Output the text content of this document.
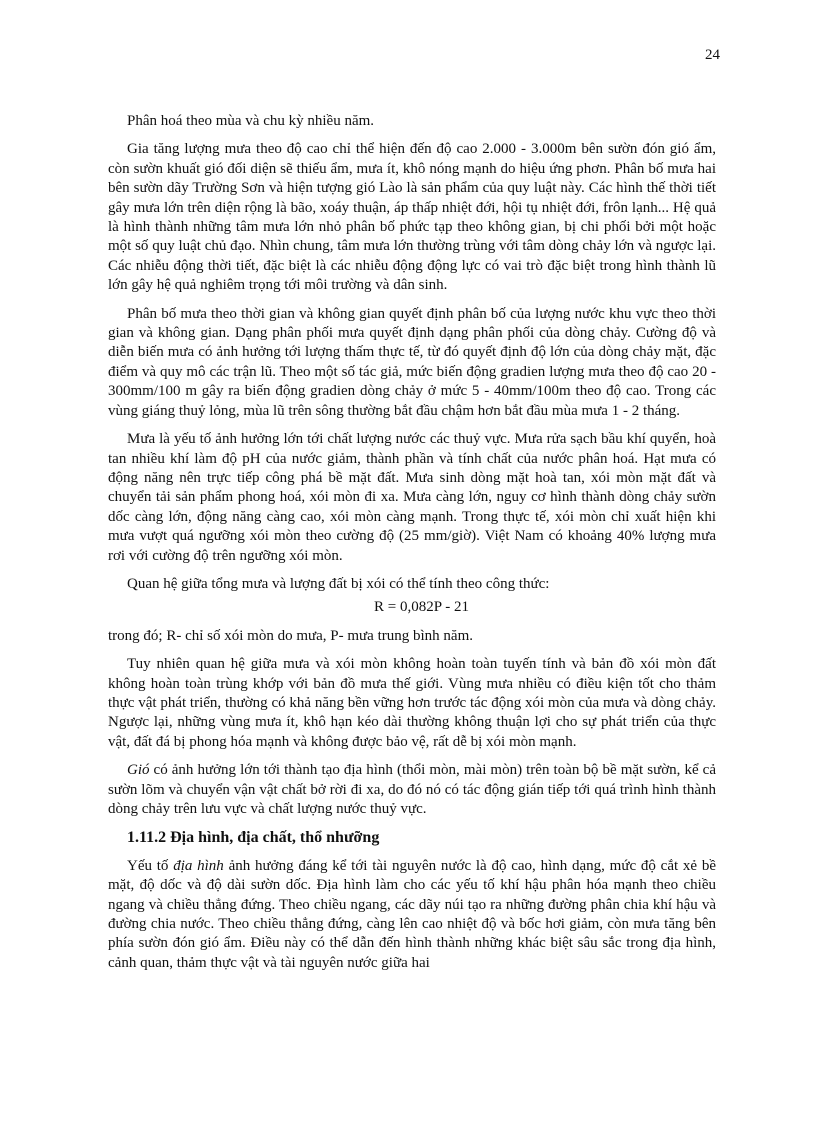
24

Phân hoá theo mùa và chu kỳ nhiều năm.

Gia tăng lượng mưa theo độ cao chỉ thể hiện đến độ cao 2.000 - 3.000m bên sườn đón gió ẩm, còn sườn khuất gió đối diện sẽ thiếu ẩm, mưa ít, khô nóng mạnh do hiệu ứng phơn. Phân bố mưa hai bên sườn dãy Trường Sơn và hiện tượng gió Lào là sản phẩm của quy luật này. Các hình thế thời tiết gây mưa lớn trên diện rộng là bão, xoáy thuận, áp thấp nhiệt đới, hội tụ nhiệt đới, frôn lạnh... Hệ quả là hình thành những tâm mưa lớn nhỏ phân bố phức tạp theo không gian, bị chi phối bởi một hoặc một số quy luật chủ đạo. Nhìn chung, tâm mưa lớn thường trùng với tâm dòng chảy lớn và ngược lại. Các nhiễu động thời tiết, đặc biệt là các nhiễu động động lực có vai trò đặc biệt trong hình thành lũ lớn gây hệ quả nghiêm trọng tới môi trường và dân sinh.

Phân bố mưa theo thời gian và không gian quyết định phân bố của lượng nước khu vực theo thời gian và không gian. Dạng phân phối mưa quyết định dạng phân phối của dòng chảy. Cường độ và diễn biến mưa có ảnh hưởng tới lượng thấm thực tế, từ đó quyết định độ lớn của dòng chảy mặt, đặc điểm và quy mô các trận lũ. Theo một số tác giả, mức biến động gradien lượng mưa theo độ cao 20 - 300mm/100 m gây ra biến động gradien dòng chảy ở mức 5 - 40mm/100m theo độ cao. Trong các vùng giáng thuỷ lỏng, mùa lũ trên sông thường bắt đầu chậm hơn bắt đầu mùa mưa 1 - 2 tháng.

Mưa là yếu tố ảnh hưởng lớn tới chất lượng nước các thuỷ vực. Mưa rửa sạch bầu khí quyển, hoà tan nhiều khí làm độ pH của nước giảm, thành phần và tính chất của nước phân hoá. Hạt mưa có động năng nên trực tiếp công phá bề mặt đất. Mưa sinh dòng mặt hoà tan, xói mòn mặt đất và chuyển tải sản phẩm phong hoá, xói mòn đi xa. Mưa càng lớn, nguy cơ hình thành dòng chảy sườn dốc càng lớn, động năng càng cao, xói mòn càng mạnh. Trong thực tế, xói mòn chỉ xuất hiện khi mưa vượt quá ngưỡng xói mòn theo cường độ (25 mm/giờ). Việt Nam có khoảng 40% lượng mưa rơi với cường độ trên ngưỡng xói mòn.

Quan hệ giữa tổng mưa và lượng đất bị xói có thể tính theo công thức:

R = 0,082P - 21

trong đó; R- chỉ số xói mòn do mưa, P- mưa trung bình năm.

Tuy nhiên quan hệ giữa mưa và xói mòn không hoàn toàn tuyến tính và bản đồ xói mòn đất không hoàn toàn trùng khớp với bản đồ mưa thế giới. Vùng mưa nhiều có điều kiện tốt cho thảm thực vật phát triển, thường có khả năng bền vững hơn trước tác động xói mòn của mưa và dòng chảy. Ngược lại, những vùng mưa ít, khô hạn kéo dài thường không thuận lợi cho sự phát triển của thực vật, đất đá bị phong hóa mạnh và không được bảo vệ, rất dễ bị xói mòn mạnh.

Gió có ảnh hưởng lớn tới thành tạo địa hình (thổi mòn, mài mòn) trên toàn bộ bề mặt sườn, kể cả sườn lõm và chuyển vận vật chất bở rời đi xa, do đó nó có tác động gián tiếp tới quá trình hình thành dòng chảy trên lưu vực và chất lượng nước thuỷ vực.

1.11.2 Địa hình, địa chất, thổ nhưỡng

Yếu tố địa hình ảnh hưởng đáng kể tới tài nguyên nước là độ cao, hình dạng, mức độ cắt xẻ bề mặt, độ dốc và độ dài sườn dốc. Địa hình làm cho các yếu tố khí hậu phân hóa mạnh theo chiều ngang và chiều thẳng đứng. Theo chiều ngang, các dãy núi tạo ra những đường phân chia khí hậu và đường chia nước. Theo chiều thẳng đứng, càng lên cao nhiệt độ và bốc hơi giảm, còn mưa tăng bên phía sườn đón gió ẩm. Điều này có thể dẫn đến hình thành những khác biệt sâu sắc trong địa hình, cảnh quan, thảm thực vật và tài nguyên nước giữa hai
